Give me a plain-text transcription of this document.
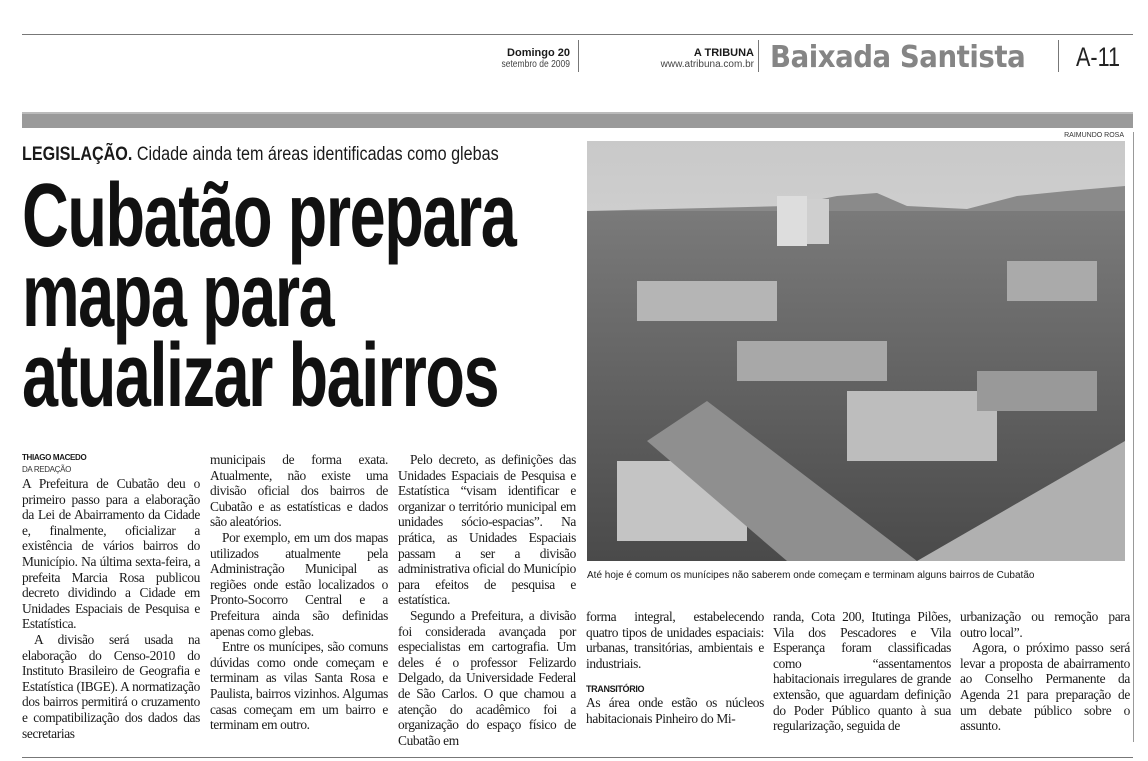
Domingo 20
setembro de 2009
A TRIBUNA
www.atribuna.com.br Baixada Santista A-11
LEGISLAÇÃO. Cidade ainda tem áreas identificadas como glebas
Cubatão prepara
mapa para
atualizar bairros
RAIMUNDO ROSA
Até hoje é comum os munícipes não saberem onde começam e terminam alguns bairros de Cubatão
THIAGO MACEDO
DA REDAÇÃO

A Prefeitura de Cubatão deu o primeiro passo para a elaboração da Lei de Abairramento da Cidade e, finalmente, oficializar a existência de vários bairros do Município. Na última sexta-feira, a prefeita Marcia Rosa publicou decreto dividindo a Cidade em Unidades Espaciais de Pesquisa e Estatística.

A divisão será usada na elaboração do Censo-2010 do Instituto Brasileiro de Geografia e Estatística (IBGE). A normatização dos bairros permitirá o cruzamento e compatibilização dos dados das secretarias

municipais de forma exata. Atualmente, não existe uma divisão oficial dos bairros de Cubatão e as estatísticas e dados são aleatórios.

Por exemplo, em um dos mapas utilizados atualmente pela Administração Municipal as regiões onde estão localizados o Pronto-Socorro Central e a Prefeitura ainda são definidas apenas como glebas.

Entre os munícipes, são comuns dúvidas como onde começam e terminam as vilas Santa Rosa e Paulista, bairros vizinhos. Algumas casas começam em um bairro e terminam em outro.

Pelo decreto, as definições das Unidades Espaciais de Pesquisa e Estatística “visam identificar e organizar o território municipal em unidades sócio-espacias”. Na prática, as Unidades Espaciais passam a ser a divisão administrativa oficial do Município para efeitos de pesquisa e estatística.

Segundo a Prefeitura, a divisão foi considerada avançada por especialistas em cartografia. Um deles é o professor Felizardo Delgado, da Universidade Federal de São Carlos. O que chamou a atenção do acadêmico foi a organização do espaço físico de Cubatão em

forma integral, estabelecendo quatro tipos de unidades espaciais: urbanas, transitórias, ambientais e industriais.

TRANSITÓRIO

As área onde estão os núcleos habitacionais Pinheiro do Mi-

randa, Cota 200, Itutinga Pilões, Vila dos Pescadores e Vila Esperança foram classificadas como “assentamentos habitacionais irregulares de grande extensão, que aguardam definição do Poder Público quanto à sua regularização, seguida de

urbanização ou remoção para outro local”.

Agora, o próximo passo será levar a proposta de abairramento ao Conselho Permanente da Agenda 21 para preparação de um debate público sobre o assunto.
